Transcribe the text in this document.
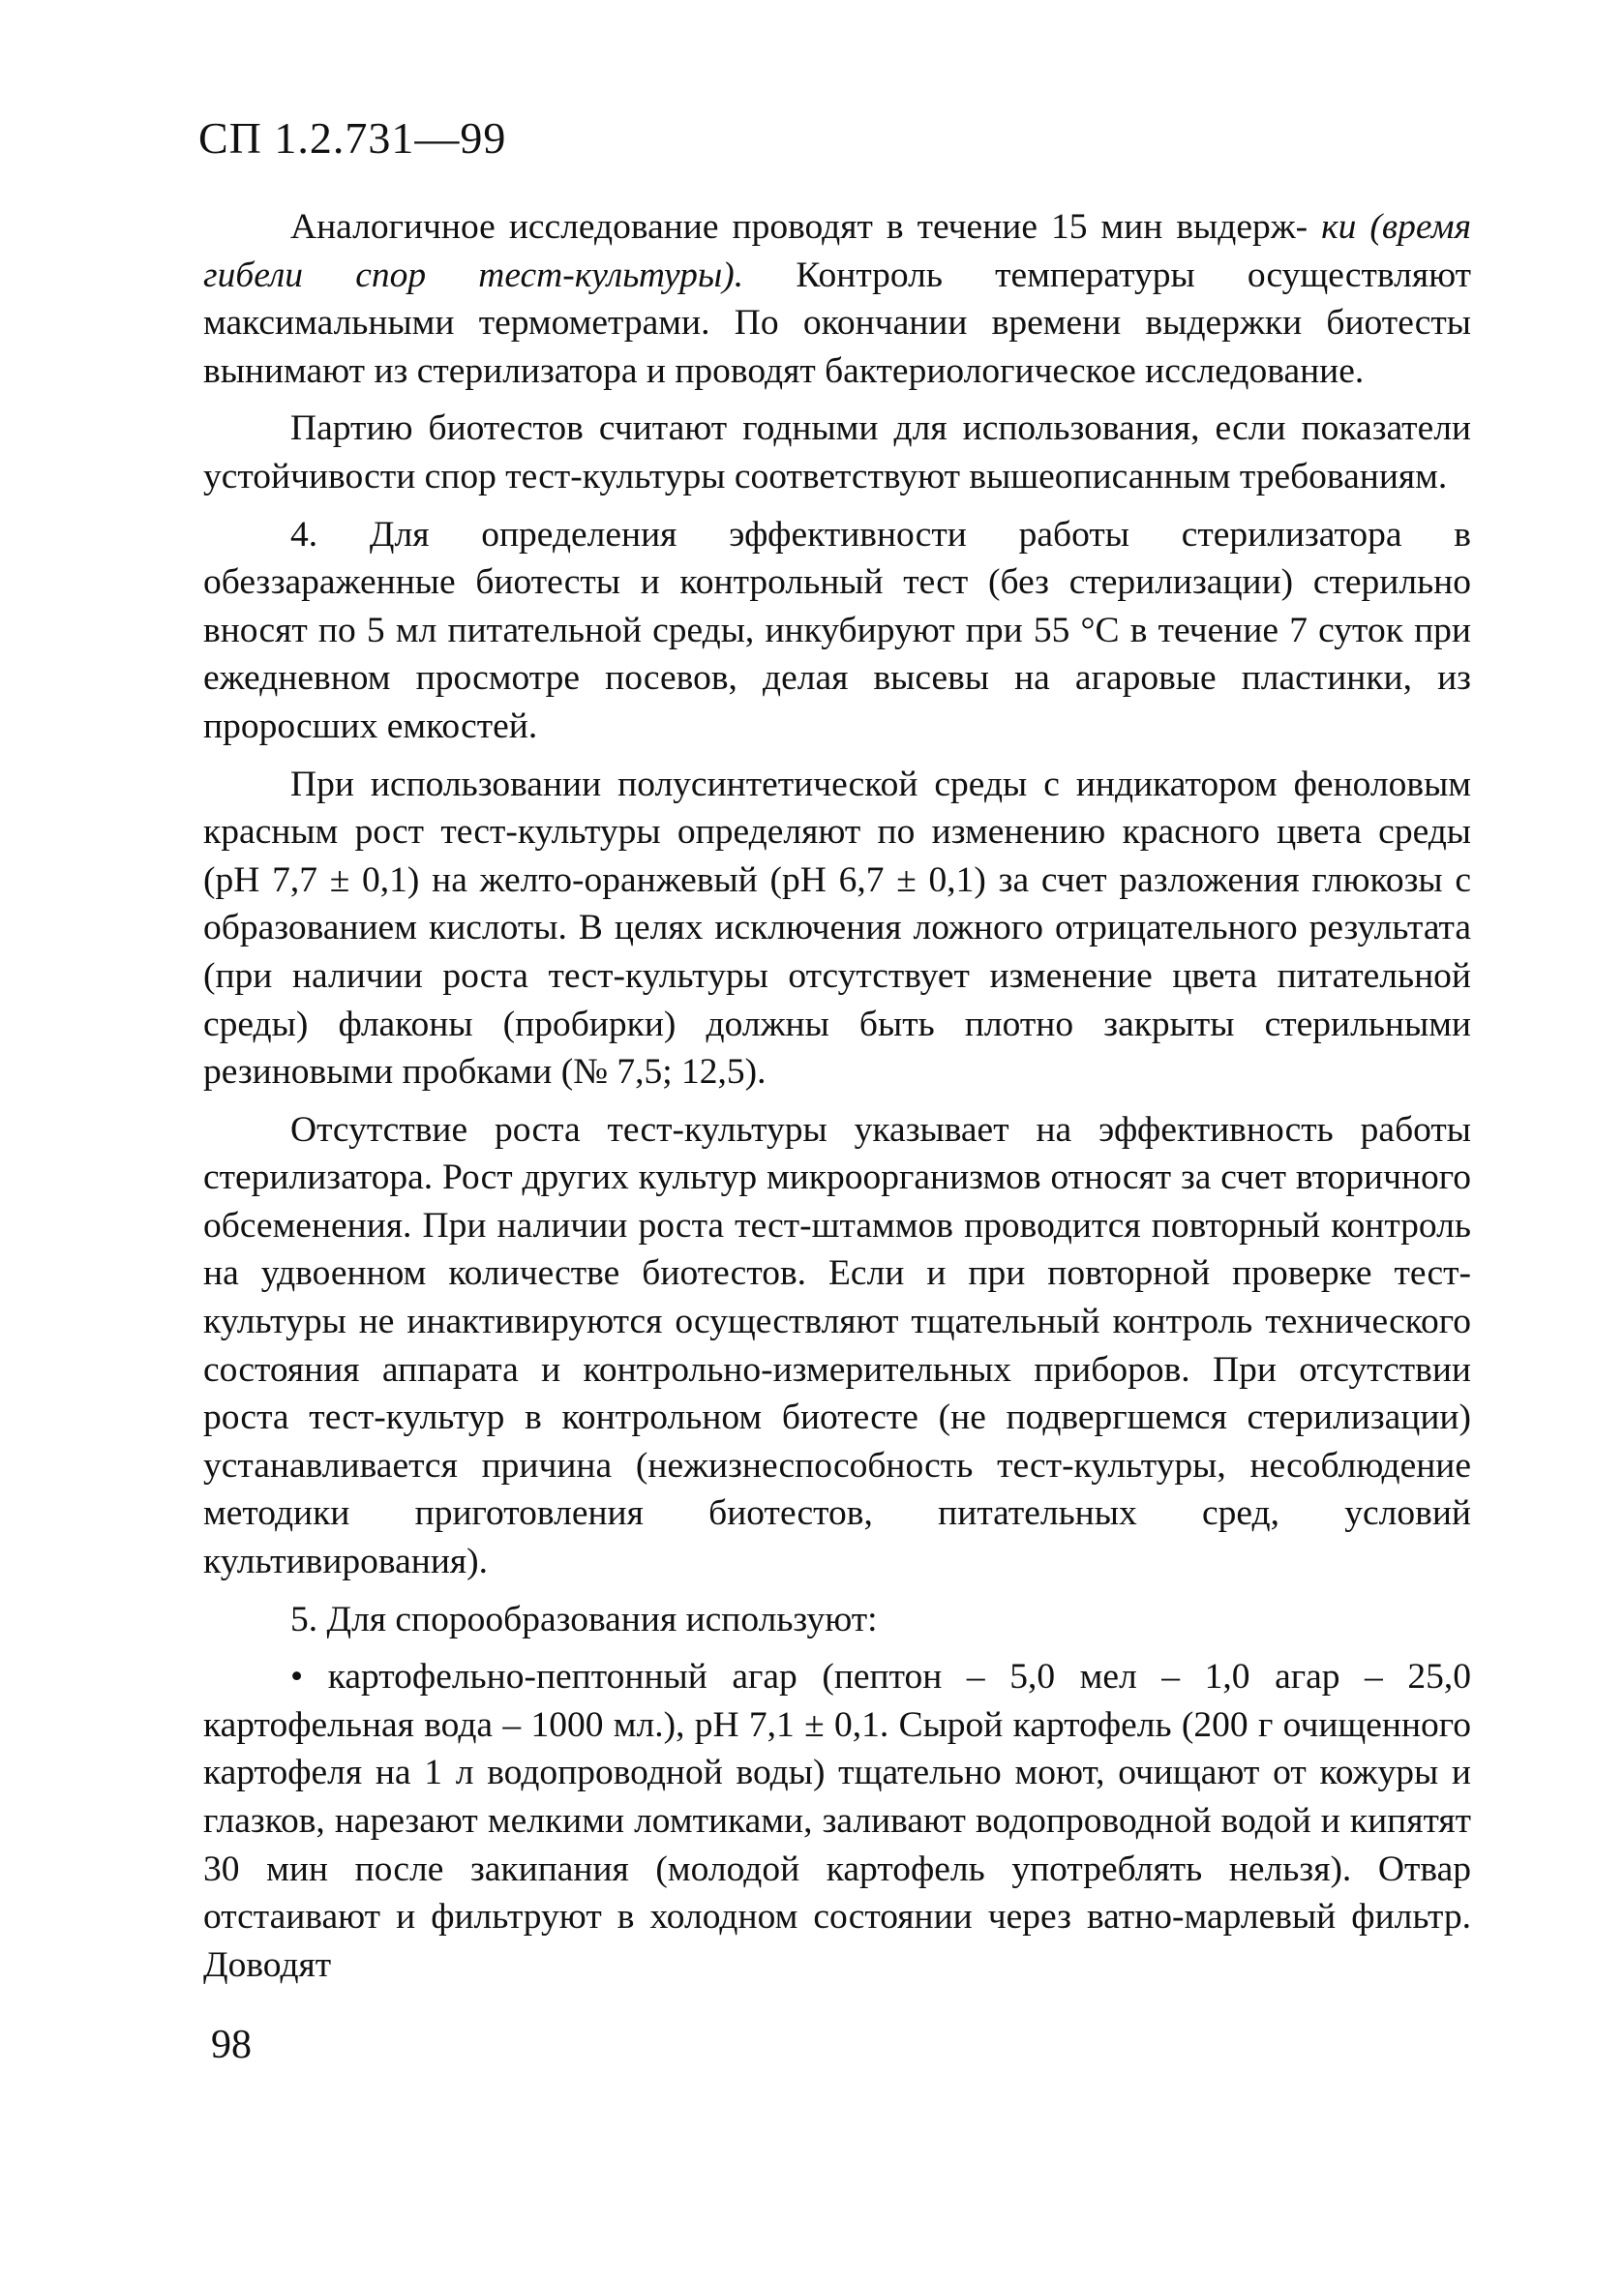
СП 1.2.731—99

Аналогичное исследование проводят в течение 15 мин выдерж- ки (время гибели спор тест-культуры). Контроль температуры осуществляют максимальными термометрами. По окончании времени выдержки биотесты вынимают из стерилизатора и проводят бактериологическое исследование.

Партию биотестов считают годными для использования, если показатели устойчивости спор тест-культуры соответствуют вышеописанным требованиям.

4. Для определения эффективности работы стерилизатора в обеззараженные биотесты и контрольный тест (без стерилизации) стерильно вносят по 5 мл питательной среды, инкубируют при 55 °С в течение 7 суток при ежедневном просмотре посевов, делая высевы на агаровые пластинки, из проросших емкостей.

При использовании полусинтетической среды с индикатором феноловым красным рост тест-культуры определяют по изменению красного цвета среды (рН 7,7 ± 0,1) на желто-оранжевый (рН 6,7 ± 0,1) за счет разложения глюкозы с образованием кислоты. В целях исключения ложного отрицательного результата (при наличии роста тест-культуры отсутствует изменение цвета питательной среды) флаконы (пробирки) должны быть плотно закрыты стерильными резиновыми пробками (№ 7,5; 12,5).

Отсутствие роста тест-культуры указывает на эффективность работы стерилизатора. Рост других культур микроорганизмов относят за счет вторичного обсеменения. При наличии роста тест-штаммов проводится повторный контроль на удвоенном количестве биотестов. Если и при повторной проверке тест-культуры не инактивируются осуществляют тщательный контроль технического состояния аппарата и контрольно-измерительных приборов. При отсутствии роста тест-культур в контрольном биотесте (не подвергшемся стерилизации) устанавливается причина (нежизнеспособность тест-культуры, несоблюдение методики приготовления биотестов, питательных сред, условий культивирования).

5. Для спорообразования используют:

• картофельно-пептонный агар (пептон – 5,0 мел – 1,0 агар – 25,0 картофельная вода – 1000 мл.), рН 7,1 ± 0,1. Сырой картофель (200 г очищенного картофеля на 1 л водопроводной воды) тщательно моют, очищают от кожуры и глазков, нарезают мелкими ломтиками, заливают водопроводной водой и кипятят 30 мин после закипания (молодой картофель употреблять нельзя). Отвар отстаивают и фильтруют в холодном состоянии через ватно-марлевый фильтр. Доводят

98
